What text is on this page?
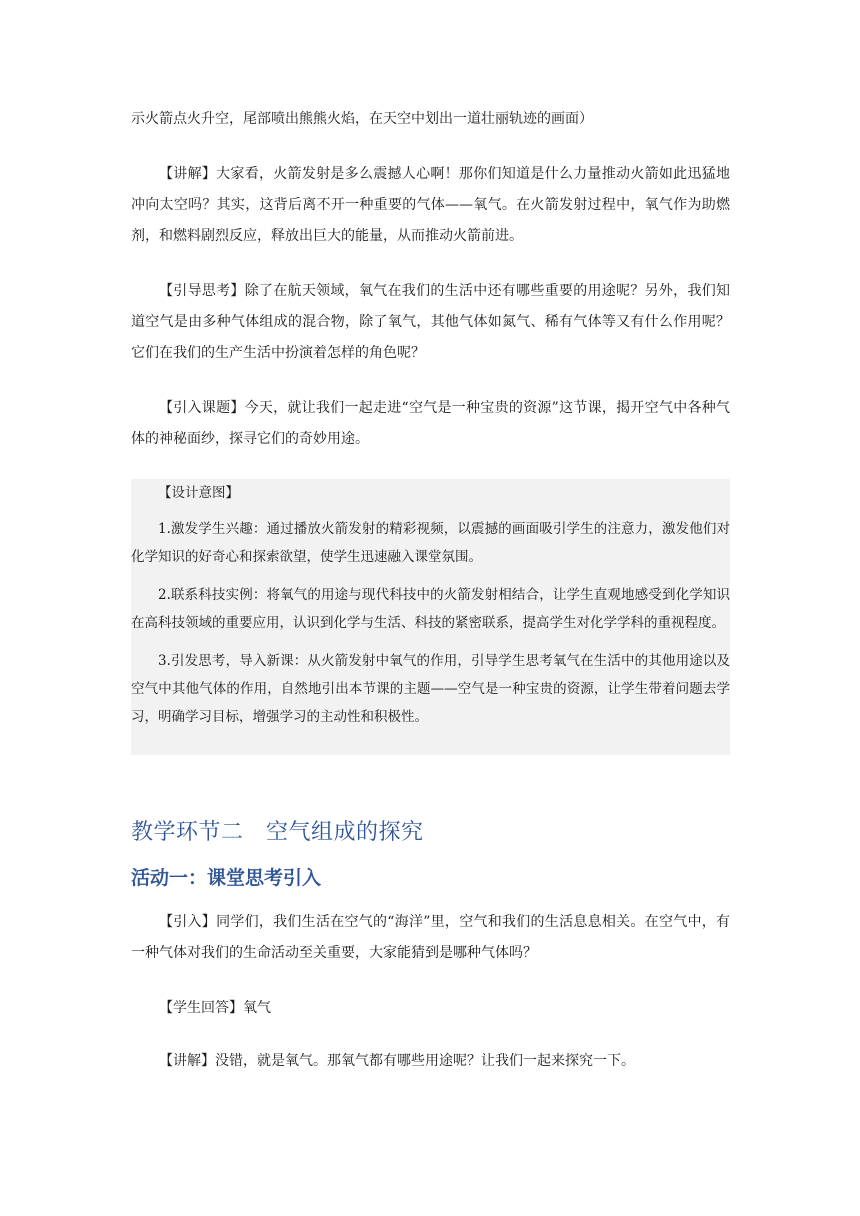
示火箭点火升空，尾部喷出熊熊火焰，在天空中划出一道壮丽轨迹的画面）

【讲解】大家看，火箭发射是多么震撼人心啊！那你们知道是什么力量推动火箭如此迅猛地冲向太空吗？其实，这背后离不开一种重要的气体——氧气。在火箭发射过程中，氧气作为助燃剂，和燃料剧烈反应，释放出巨大的能量，从而推动火箭前进。

【引导思考】除了在航天领域，氧气在我们的生活中还有哪些重要的用途呢？另外，我们知道空气是由多种气体组成的混合物，除了氧气，其他气体如氮气、稀有气体等又有什么作用呢？它们在我们的生产生活中扮演着怎样的角色呢？

【引入课题】今天，就让我们一起走进“空气是一种宝贵的资源”这节课，揭开空气中各种气体的神秘面纱，探寻它们的奇妙用途。

【设计意图】

1.激发学生兴趣：通过播放火箭发射的精彩视频，以震撼的画面吸引学生的注意力，激发他们对化学知识的好奇心和探索欲望，使学生迅速融入课堂氛围。

2.联系科技实例：将氧气的用途与现代科技中的火箭发射相结合，让学生直观地感受到化学知识在高科技领域的重要应用，认识到化学与生活、科技的紧密联系，提高学生对化学学科的重视程度。

3.引发思考，导入新课：从火箭发射中氧气的作用，引导学生思考氧气在生活中的其他用途以及空气中其他气体的作用，自然地引出本节课的主题——空气是一种宝贵的资源，让学生带着问题去学习，明确学习目标，增强学习的主动性和积极性。

教学环节二　空气组成的探究
活动一：课堂思考引入

【引入】同学们，我们生活在空气的“海洋”里，空气和我们的生活息息相关。在空气中，有一种气体对我们的生命活动至关重要，大家能猜到是哪种气体吗？

【学生回答】氧气

【讲解】没错，就是氧气。那氧气都有哪些用途呢？让我们一起来探究一下。
